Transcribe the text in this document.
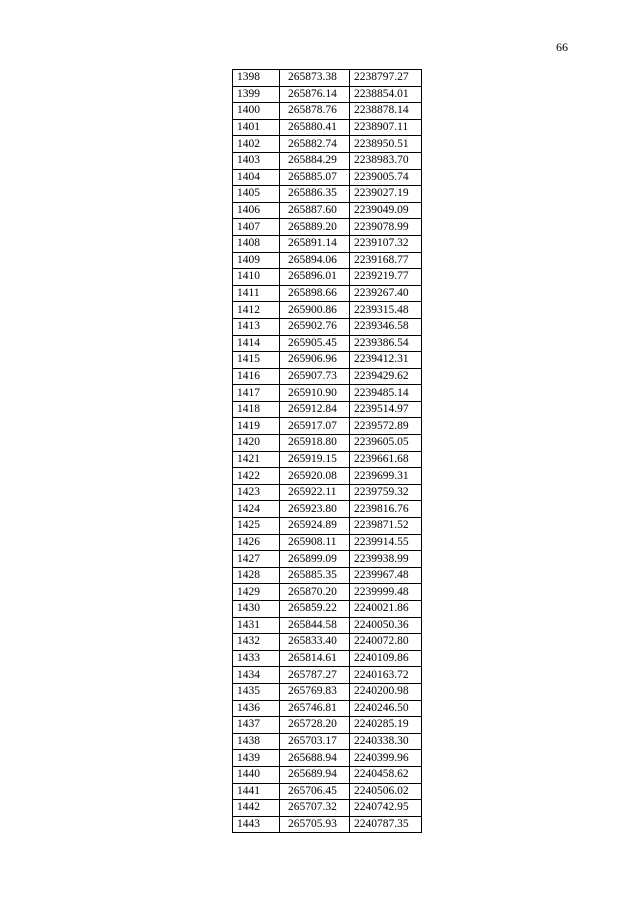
66
1398	265873.38	2238797.27
1399	265876.14	2238854.01
1400	265878.76	2238878.14
1401	265880.41	2238907.11
1402	265882.74	2238950.51
1403	265884.29	2238983.70
1404	265885.07	2239005.74
1405	265886.35	2239027.19
1406	265887.60	2239049.09
1407	265889.20	2239078.99
1408	265891.14	2239107.32
1409	265894.06	2239168.77
1410	265896.01	2239219.77
1411	265898.66	2239267.40
1412	265900.86	2239315.48
1413	265902.76	2239346.58
1414	265905.45	2239386.54
1415	265906.96	2239412.31
1416	265907.73	2239429.62
1417	265910.90	2239485.14
1418	265912.84	2239514.97
1419	265917.07	2239572.89
1420	265918.80	2239605.05
1421	265919.15	2239661.68
1422	265920.08	2239699.31
1423	265922.11	2239759.32
1424	265923.80	2239816.76
1425	265924.89	2239871.52
1426	265908.11	2239914.55
1427	265899.09	2239938.99
1428	265885.35	2239967.48
1429	265870.20	2239999.48
1430	265859.22	2240021.86
1431	265844.58	2240050.36
1432	265833.40	2240072.80
1433	265814.61	2240109.86
1434	265787.27	2240163.72
1435	265769.83	2240200.98
1436	265746.81	2240246.50
1437	265728.20	2240285.19
1438	265703.17	2240338.30
1439	265688.94	2240399.96
1440	265689.94	2240458.62
1441	265706.45	2240506.02
1442	265707.32	2240742.95
1443	265705.93	2240787.35
